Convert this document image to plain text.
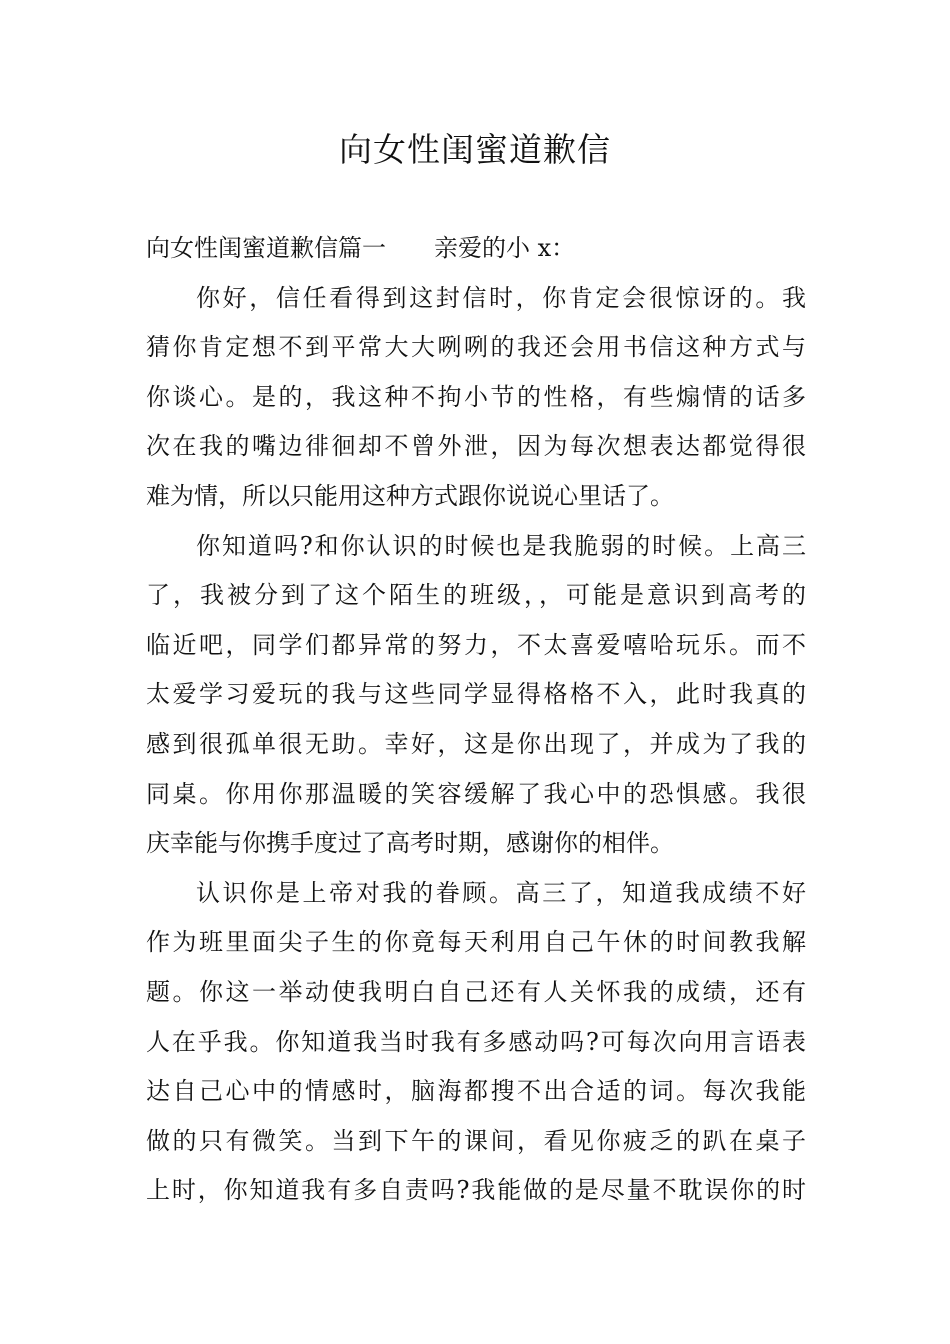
向女性闺蜜道歉信
向女性闺蜜道歉信篇一 亲爱的小 x：
你好，信任看得到这封信时，你肯定会很惊讶的。我
猜你肯定想不到平常大大咧咧的我还会用书信这种方式与
你谈心。是的，我这种不拘小节的性格，有些煽情的话多
次在我的嘴边徘徊却不曾外泄，因为每次想表达都觉得很
难为情，所以只能用这种方式跟你说说心里话了。
你知道吗?和你认识的时候也是我脆弱的时候。上高三
了，我被分到了这个陌生的班级，，可能是意识到高考的
临近吧，同学们都异常的努力，不太喜爱嘻哈玩乐。而不
太爱学习爱玩的我与这些同学显得格格不入，此时我真的
感到很孤单很无助。幸好，这是你出现了，并成为了我的
同桌。你用你那温暖的笑容缓解了我心中的恐惧感。我很
庆幸能与你携手度过了高考时期，感谢你的相伴。
认识你是上帝对我的眷顾。高三了，知道我成绩不好
作为班里面尖子生的你竟每天利用自己午休的时间教我解
题。你这一举动使我明白自己还有人关怀我的成绩，还有
人在乎我。你知道我当时我有多感动吗?可每次向用言语表
达自己心中的情感时，脑海都搜不出合适的词。每次我能
做的只有微笑。当到下午的课间，看见你疲乏的趴在桌子
上时，你知道我有多自责吗?我能做的是尽量不耽误你的时
